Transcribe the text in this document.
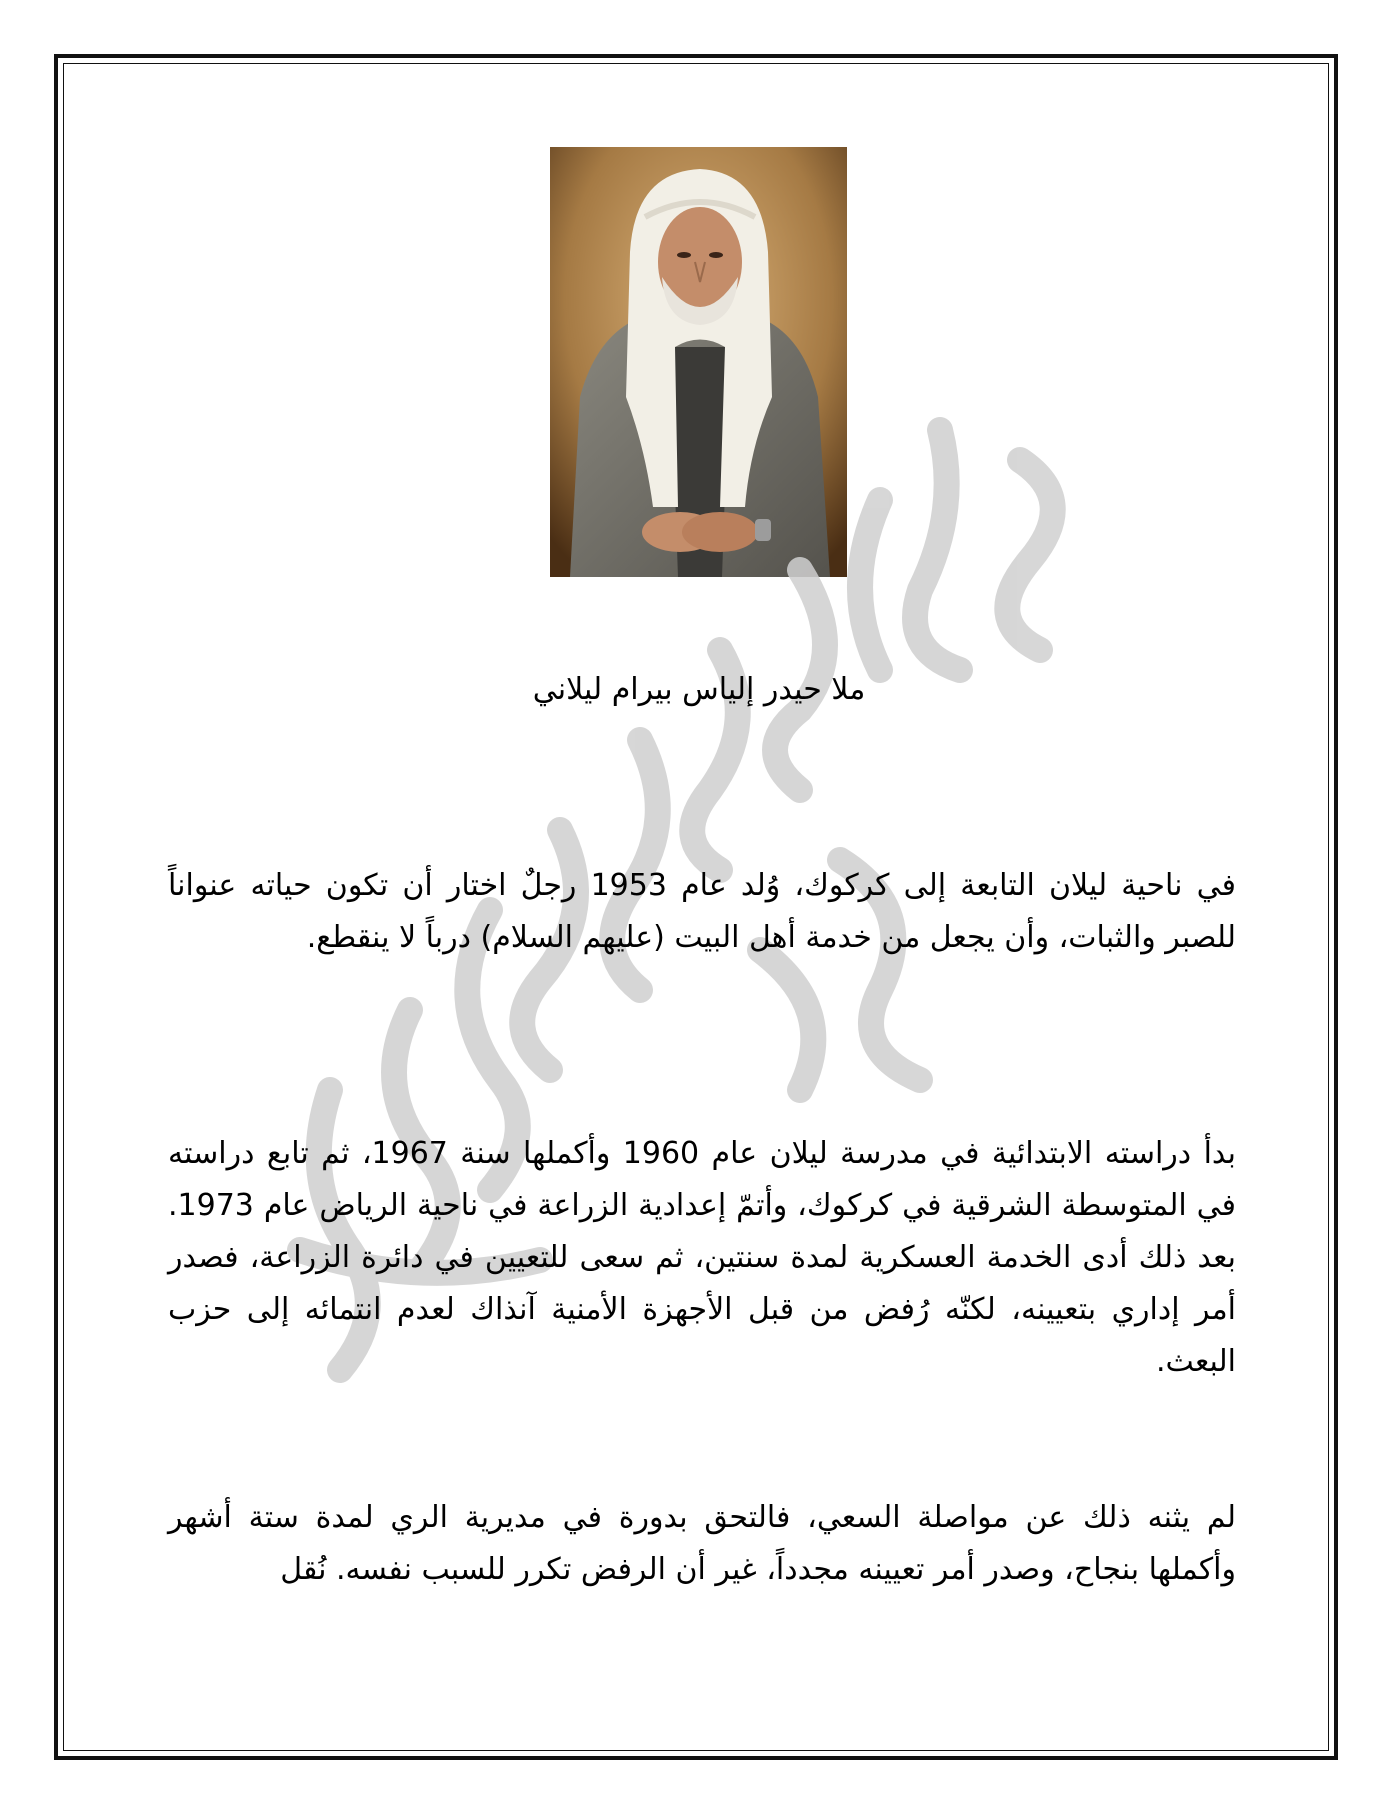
ملا حيدر إلياس بيرام ليلاني

في ناحية ليلان التابعة إلى كركوك، وُلد عام 1953 رجلٌ اختار أن تكون حياته عنواناً للصبر والثبات، وأن يجعل من خدمة أهل البيت (عليهم السلام) درباً لا ينقطع.

بدأ دراسته الابتدائية في مدرسة ليلان عام 1960 وأكملها سنة 1967، ثم تابع دراسته في المتوسطة الشرقية في كركوك، وأتمّ إعدادية الزراعة في ناحية الرياض عام 1973. بعد ذلك أدى الخدمة العسكرية لمدة سنتين، ثم سعى للتعيين في دائرة الزراعة، فصدر أمر إداري بتعيينه، لكنّه رُفض من قبل الأجهزة الأمنية آنذاك لعدم انتمائه إلى حزب البعث.

لم يثنه ذلك عن مواصلة السعي، فالتحق بدورة في مديرية الري لمدة ستة أشهر وأكملها بنجاح، وصدر أمر تعيينه مجدداً، غير أن الرفض تكرر للسبب نفسه. نُقل
